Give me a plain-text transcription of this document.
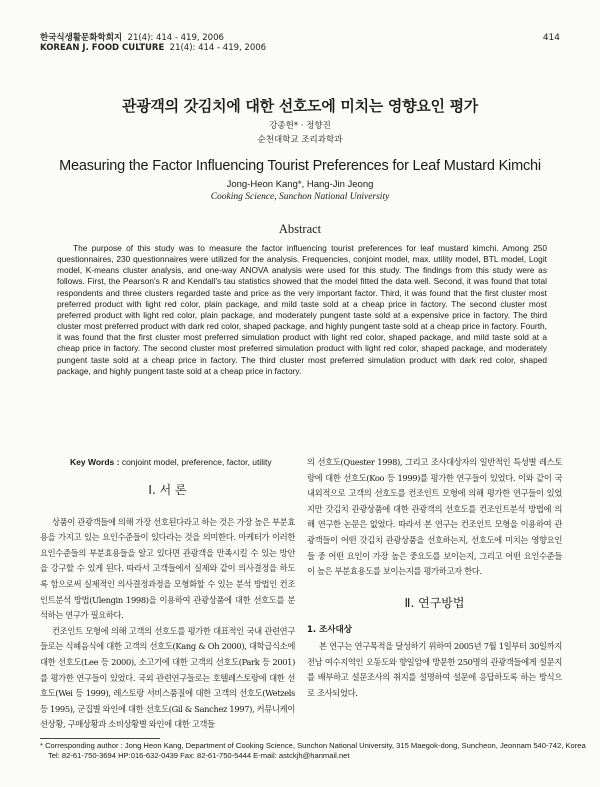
한국식생활문화학회지 21(4): 414 - 419, 2006
KOREAN J. FOOD CULTURE 21(4): 414 - 419, 2006
414
관광객의 갓김치에 대한 선호도에 미치는 영향요인 평가
강종헌* · 정향진
순천대학교 조리과학과
Measuring the Factor Influencing Tourist Preferences for Leaf Mustard Kimchi
Jong-Heon Kang*, Hang-Jin Jeong
Cooking Science, Sunchon National University
Abstract
The purpose of this study was to measure the factor influencing tourist preferences for leaf mustard kimchi. Among 250 questionnaires, 230 questionnaires were utilized for the analysis. Frequencies, conjoint model, max. utility model, BTL model, Logit model, K-means cluster analysis, and one-way ANOVA analysis were used for this study. The findings from this study were as follows. First, the Pearson's R and Kendall's tau statistics showed that the model fitted the data well. Second, it was found that total respondents and three clusters regarded taste and price as the very important factor. Third, it was found that the first cluster most preferred product with light red color, plain package, and mild taste sold at a cheap price in factory. The second cluster most preferred product with light red color, plain package, and moderately pungent taste sold at a expensive price in factory. The third cluster most preferred product with dark red color, shaped package, and highly pungent taste sold at a cheap price in factory. Fourth, it was found that the first cluster most preferred simulation product with light red color, shaped package, and mild taste sold at a cheap price in factory. The second cluster most preferred simulation product with light red color, shaped package, and moderately pungent taste sold at a cheap price in factory. The third cluster most preferred simulation product with dark red color, shaped package, and highly pungent taste sold at a cheap price in factory.
Key Words : conjoint model, preference, factor, utility
Ⅰ. 서 론

상품이 관광객들에 의해 가장 선호된다라고 하는 것은 가장 높은 부분효용을 가지고 있는 요인수준들이 있다라는 것을 의미한다. 마케터가 이러한 요인수준들의 부분효용들을 알고 있다면 관광객을 만족시킬 수 있는 방안을 강구할 수 있게 된다. 따라서 고객들에서 실제와 같이 의사결정을 하도록 함으로써 실제적인 의사결정과정을 모형화할 수 있는 분석 방법인 컨조인트분석 방법(Ulengin 1998)을 이용하여 관광상품에 대한 선호도를 분석하는 연구가 필요하다.

컨조인트 모형에 의해 고객의 선호도를 평가한 대표적인 국내 관련연구들로는 식혜음식에 대한 고객의 선호도(Kang & Oh 2000), 대학급식소에 대한 선호도(Lee 등 2000), 소고기에 대한 고객의 선호도(Park 등 2001)를 평가한 연구들이 있었다. 국외 관련연구들로는 호텔레스토랑에 대한 선호도(Wei 등 1999), 레스토랑 서비스품질에 대한 고객의 선호도(Wetzels 등 1995), 군집별 와인에 대한 선호도(Gil & Sanchez 1997), 커뮤니케이션상황, 구매상황과 소비상황별 와인에 대한 고객들

의 선호도(Quester 1998), 그리고 조사대상자의 일반적인 특성별 레스토랑에 대한 선호도(Koo 등 1999)를 평가한 연구들이 있었다. 이와 같이 국내외적으로 고객의 선호도를 컨조인트 모형에 의해 평가한 연구들이 있었지만 갓김치 관광상품에 대한 관광객의 선호도를 컨조인트분석 방법에 의해 연구한 논문은 없었다. 따라서 본 연구는 컨조인트 모형을 이용하여 관광객들이 어떤 갓김치 관광상품을 선호하는지, 선호도에 미치는 영향요인들 중 어떤 요인이 가장 높은 중요도를 보이는지, 그리고 어떤 요인수준들이 높은 부분효용도를 보이는지를 평가하고자 한다.

Ⅱ. 연구방법
1. 조사대상

본 연구는 연구목적을 달성하기 위하여 2005년 7월 1일부터 30일까지 전남 여수지역인 오동도와 향일암에 방문한 250명의 관광객들에게 설문지를 배부하고 설문조사의 취지를 설명하여 설문에 응답하도록 하는 방식으로 조사되었다.

* Corresponding author : Jong Heon Kang, Department of Cooking Science, Sunchon National University, 315 Maegok-dong, Suncheon, Jeonnam 540-742, Korea
Tel: 82-61-750-3694 HP:016-632-0439 Fax: 82-61-750-5444 E-mail: astckjh@hanmail.net
